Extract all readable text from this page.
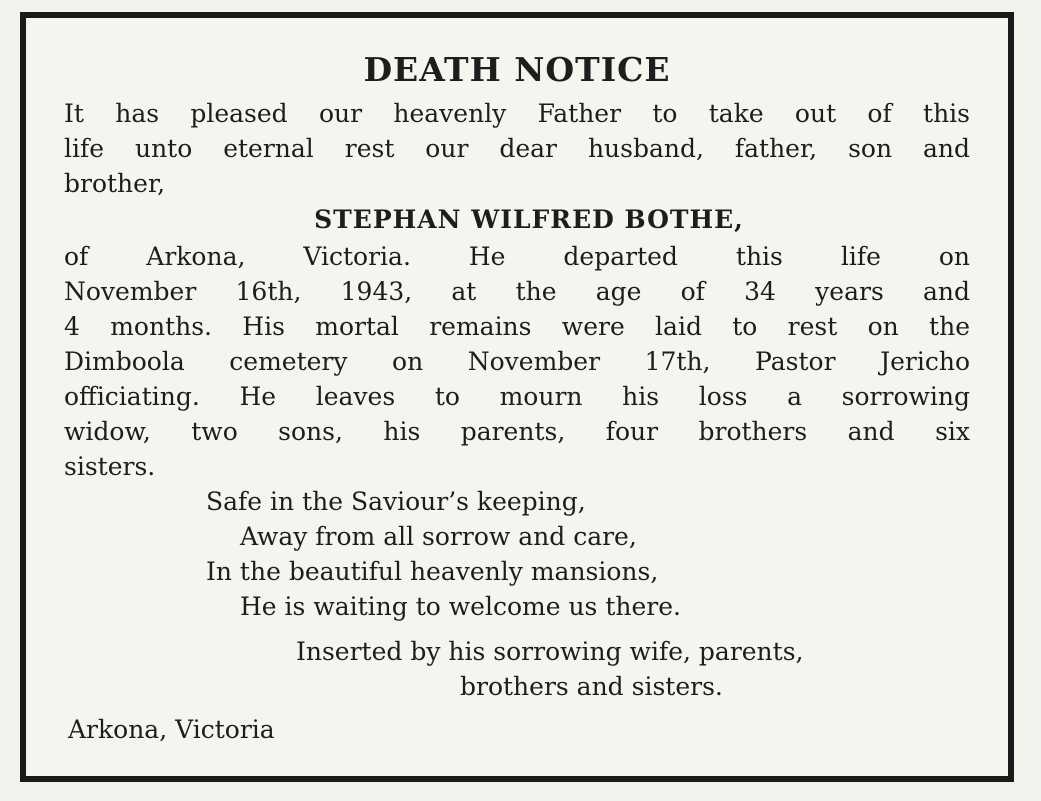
DEATH NOTICE

It has pleased our heavenly Father to take out of this
life unto eternal rest our dear husband, father, son and
brother,

STEPHAN WILFRED BOTHE,

of Arkona, Victoria. He departed this life on
November 16th, 1943, at the age of 34 years and
4 months. His mortal remains were laid to rest on the
Dimboola cemetery on November 17th, Pastor Jericho
officiating. He leaves to mourn his loss a sorrowing
widow, two sons, his parents, four brothers and six
sisters.

Safe in the Saviour’s keeping,
Away from all sorrow and care,
In the beautiful heavenly mansions,
He is waiting to welcome us there.
Inserted by his sorrowing wife, parents,
brothers and sisters.

Arkona, Victoria
